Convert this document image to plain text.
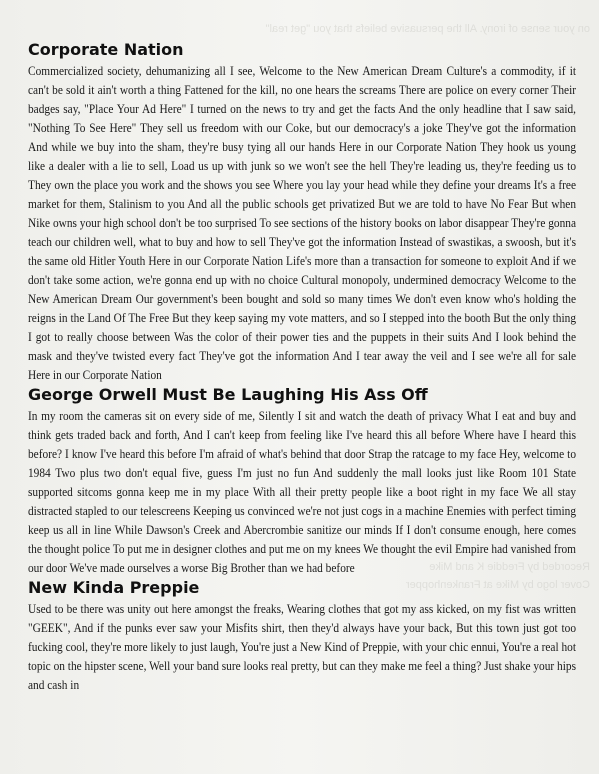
on your sense of irony. All the persuasive beliefs that you "get real"
Recorded by Freddie K and Mike
Cover logo by Mike at Frankenhopper
Corporate Nation

Commercialized society, dehumanizing all I see, Welcome to the New American Dream Culture's a commodity, if it can't be sold it ain't worth a thing Fattened for the kill, no one hears the screams There are police on every corner Their badges say, "Place Your Ad Here" I turned on the news to try and get the facts And the only headline that I saw said, "Nothing To See Here" They sell us freedom with our Coke, but our democracy's a joke They've got the information And while we buy into the sham, they're busy tying all our hands Here in our Corporate Nation They hook us young like a dealer with a lie to sell, Load us up with junk so we won't see the hell They're leading us, they're feeding us to They own the place you work and the shows you see Where you lay your head while they define your dreams It's a free market for them, Stalinism to you And all the public schools get privatized But we are told to have No Fear But when Nike owns your high school don't be too surprised To see sections of the history books on labor disappear They're gonna teach our children well, what to buy and how to sell They've got the information Instead of swastikas, a swoosh, but it's the same old Hitler Youth Here in our Corporate Nation Life's more than a transaction for someone to exploit And if we don't take some action, we're gonna end up with no choice Cultural monopoly, undermined democracy Welcome to the New American Dream Our government's been bought and sold so many times We don't even know who's holding the reigns in the Land Of The Free But they keep saying my vote matters, and so I stepped into the booth But the only thing I got to really choose between Was the color of their power ties and the puppets in their suits And I look behind the mask and they've twisted every fact They've got the information And I tear away the veil and I see we're all for sale Here in our Corporate Nation

George Orwell Must Be Laughing His Ass Off

In my room the cameras sit on every side of me, Silently I sit and watch the death of privacy What I eat and buy and think gets traded back and forth, And I can't keep from feeling like I've heard this all before Where have I heard this before? I know I've heard this before I'm afraid of what's behind that door Strap the ratcage to my face Hey, welcome to 1984 Two plus two don't equal five, guess I'm just no fun And suddenly the mall looks just like Room 101 State supported sitcoms gonna keep me in my place With all their pretty people like a boot right in my face We all stay distracted stapled to our telescreens Keeping us convinced we're not just cogs in a machine Enemies with perfect timing keep us all in line While Dawson's Creek and Abercrombie sanitize our minds If I don't consume enough, here comes the thought police To put me in designer clothes and put me on my knees We thought the evil Empire had vanished from our door We've made ourselves a worse Big Brother than we had before

New Kinda Preppie

Used to be there was unity out here amongst the freaks, Wearing clothes that got my ass kicked, on my fist was written "GEEK", And if the punks ever saw your Misfits shirt, then they'd always have your back, But this town just got too fucking cool, they're more likely to just laugh, You're just a New Kind of Preppie, with your chic ennui, You're a real hot topic on the hipster scene, Well your band sure looks real pretty, but can they make me feel a thing? Just shake your hips and cash in
